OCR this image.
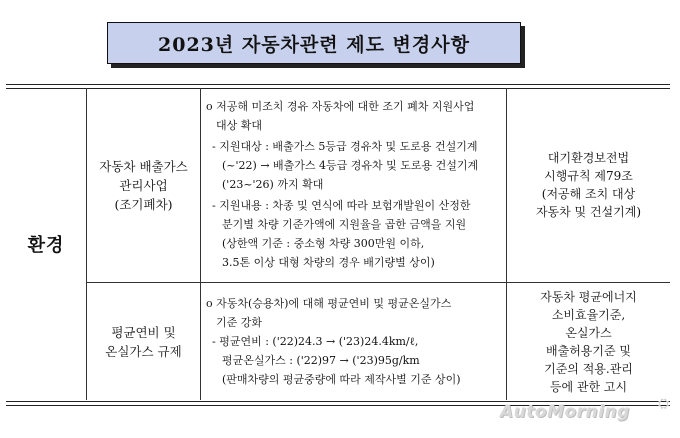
2023년 자동차관련 제도 변경사항
환경
자동차 배출가스
관리사업
(조기폐차)
o 저공해 미조치 경유 자동차에 대한 조기 폐차 지원사업
대상 확대
- 지원대상 : 배출가스 5등급 경유차 및 도로용 건설기계
(~'22) → 배출가스 4등급 경유차 및 도로용 건설기계
('23~'26) 까지 확대
- 지원내용 : 차종 및 연식에 따라 보험개발원이 산정한
분기별 차량 기준가액에 지원율을 곱한 금액을 지원
(상한액 기준 : 중소형 차량 300만원 이하,
3.5톤 이상 대형 차량의 경우 배기량별 상이)
대기환경보전법
시행규칙 제79조
(저공해 조치 대상
자동차 및 건설기계)
평균연비 및
온실가스 규제
o 자동차(승용차)에 대해 평균연비 및 평균온실가스
기준 강화
- 평균연비 : ('22)24.3 → ('23)24.4km/ℓ,
평균온실가스 : ('22)97 → ('23)95g/km
(판매차량의 평균중량에 따라 제작사별 기준 상이)
자동차 평균에너지
소비효율기준,
온실가스
배출허용기준 및
기준의 적용.관리
등에 관한 고시
AutoMorning ⛭
